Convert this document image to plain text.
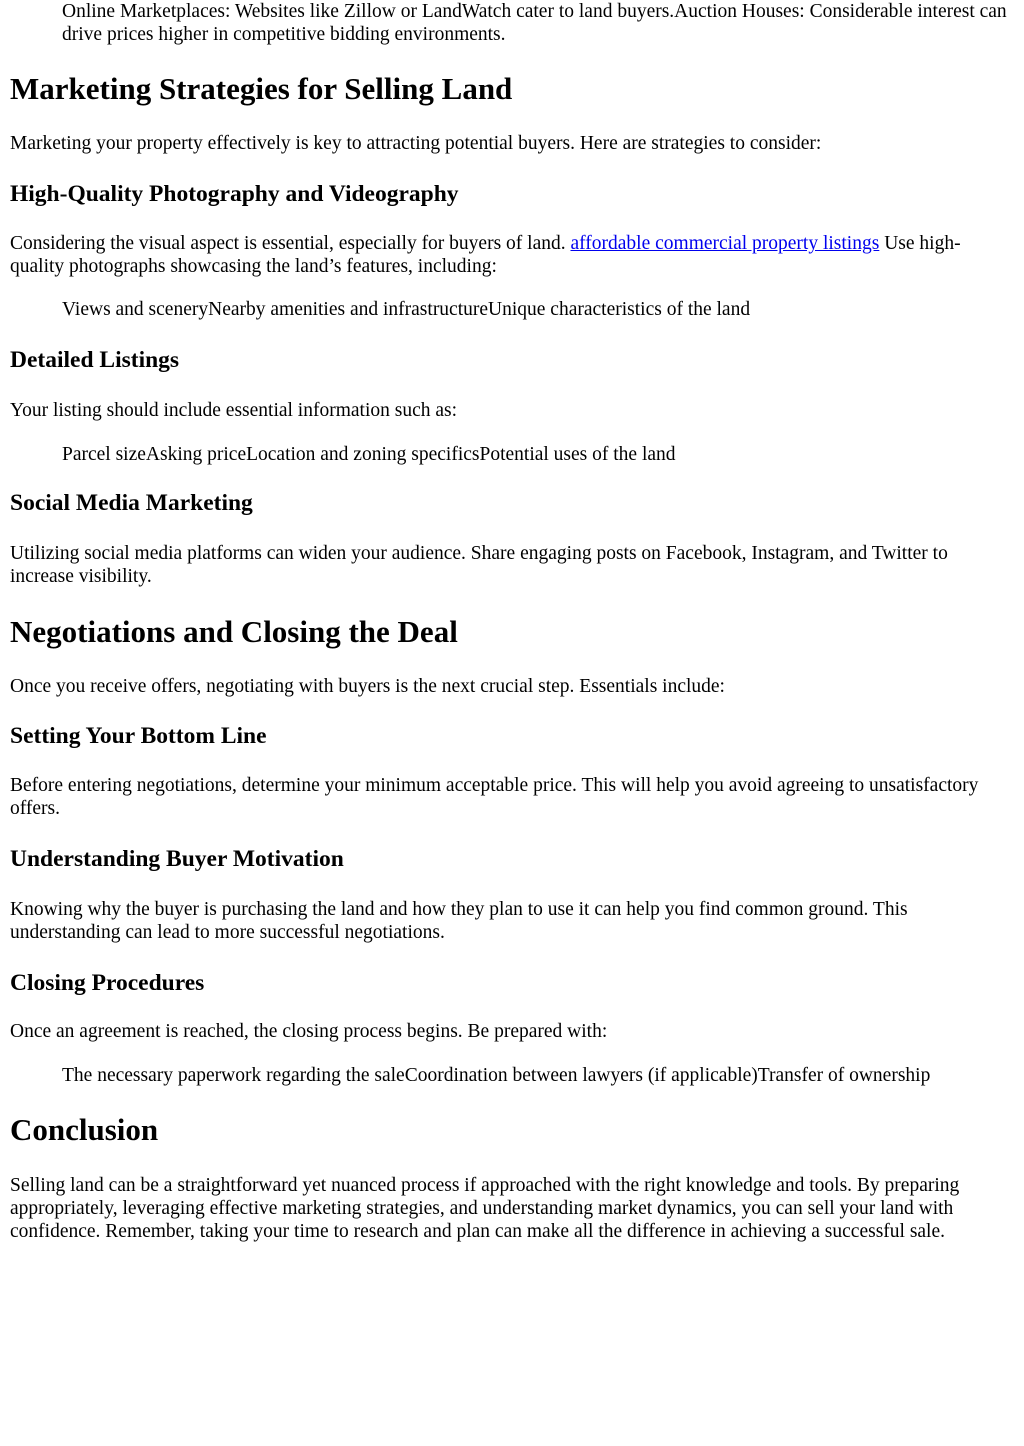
Online Marketplaces: Websites like Zillow or LandWatch cater to land buyers.Auction Houses: Considerable interest can drive prices higher in competitive bidding environments.
Marketing Strategies for Selling Land

Marketing your property effectively is key to attracting potential buyers. Here are strategies to consider:

High-Quality Photography and Videography

Considering the visual aspect is essential, especially for buyers of land. affordable commercial property listings Use high-quality photographs showcasing the land’s features, including:

Views and sceneryNearby amenities and infrastructureUnique characteristics of the land
Detailed Listings

Your listing should include essential information such as:

Parcel sizeAsking priceLocation and zoning specificsPotential uses of the land
Social Media Marketing

Utilizing social media platforms can widen your audience. Share engaging posts on Facebook, Instagram, and Twitter to increase visibility.

Negotiations and Closing the Deal

Once you receive offers, negotiating with buyers is the next crucial step. Essentials include:

Setting Your Bottom Line

Before entering negotiations, determine your minimum acceptable price. This will help you avoid agreeing to unsatisfactory offers.

Understanding Buyer Motivation

Knowing why the buyer is purchasing the land and how they plan to use it can help you find common ground. This understanding can lead to more successful negotiations.

Closing Procedures

Once an agreement is reached, the closing process begins. Be prepared with:

The necessary paperwork regarding the saleCoordination between lawyers (if applicable)Transfer of ownership
Conclusion

Selling land can be a straightforward yet nuanced process if approached with the right knowledge and tools. By preparing appropriately, leveraging effective marketing strategies, and understanding market dynamics, you can sell your land with confidence. Remember, taking your time to research and plan can make all the difference in achieving a successful sale.
